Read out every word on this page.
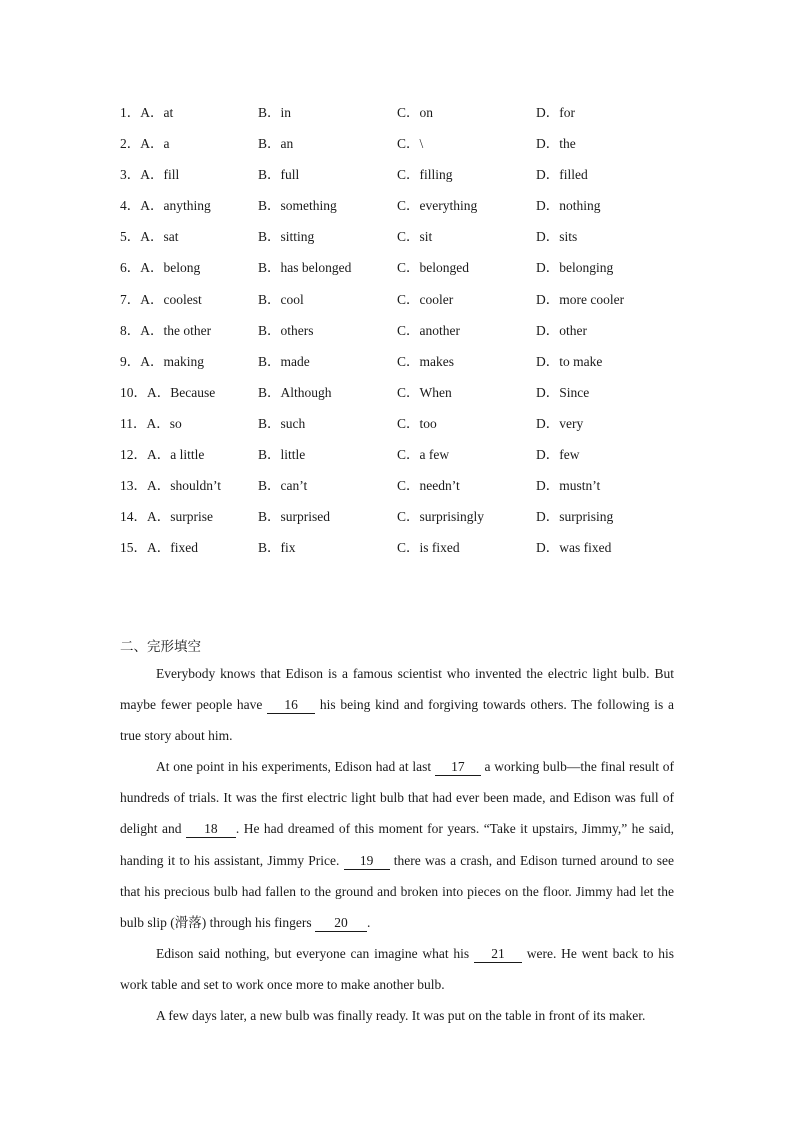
1．A．at	B．in	C．on	D．for
2．A．a	B．an	C．\	D．the
3．A．fill	B．full	C．filling	D．filled
4．A．anything	B．something	C．everything	D．nothing
5．A．sat	B．sitting	C．sit	D．sits
6．A．belong	B．has belonged	C．belonged	D．belonging
7．A．coolest	B．cool	C．cooler	D．more cooler
8．A．the other	B．others	C．another	D．other
9．A．making	B．made	C．makes	D．to make
10．A．Because	B．Although	C．When	D．Since
11．A．so	B．such	C．too	D．very
12．A．a little	B．little	C．a few	D．few
13．A．shouldn’t	B．can’t	C．needn’t	D．mustn’t
14．A．surprise	B．surprised	C．surprisingly	D．surprising
15．A．fixed	B．fix	C．is fixed	D．was fixed
二、完形填空

Everybody knows that Edison is a famous scientist who invented the electric light bulb. But maybe fewer people have 16 his being kind and forgiving towards others. The following is a true story about him.

At one point in his experiments, Edison had at last 17 a working bulb—the final result of hundreds of trials. It was the first electric light bulb that had ever been made, and Edison was full of delight and 18 . He had dreamed of this moment for years. “Take it upstairs, Jimmy,” he said, handing it to his assistant, Jimmy Price. 19 there was a crash, and Edison turned around to see that his precious bulb had fallen to the ground and broken into pieces on the floor. Jimmy had let the bulb slip (滑落) through his fingers 20 .

Edison said nothing, but everyone can imagine what his 21 were. He went back to his work table and set to work once more to make another bulb.

A few days later, a new bulb was finally ready. It was put on the table in front of its maker.
